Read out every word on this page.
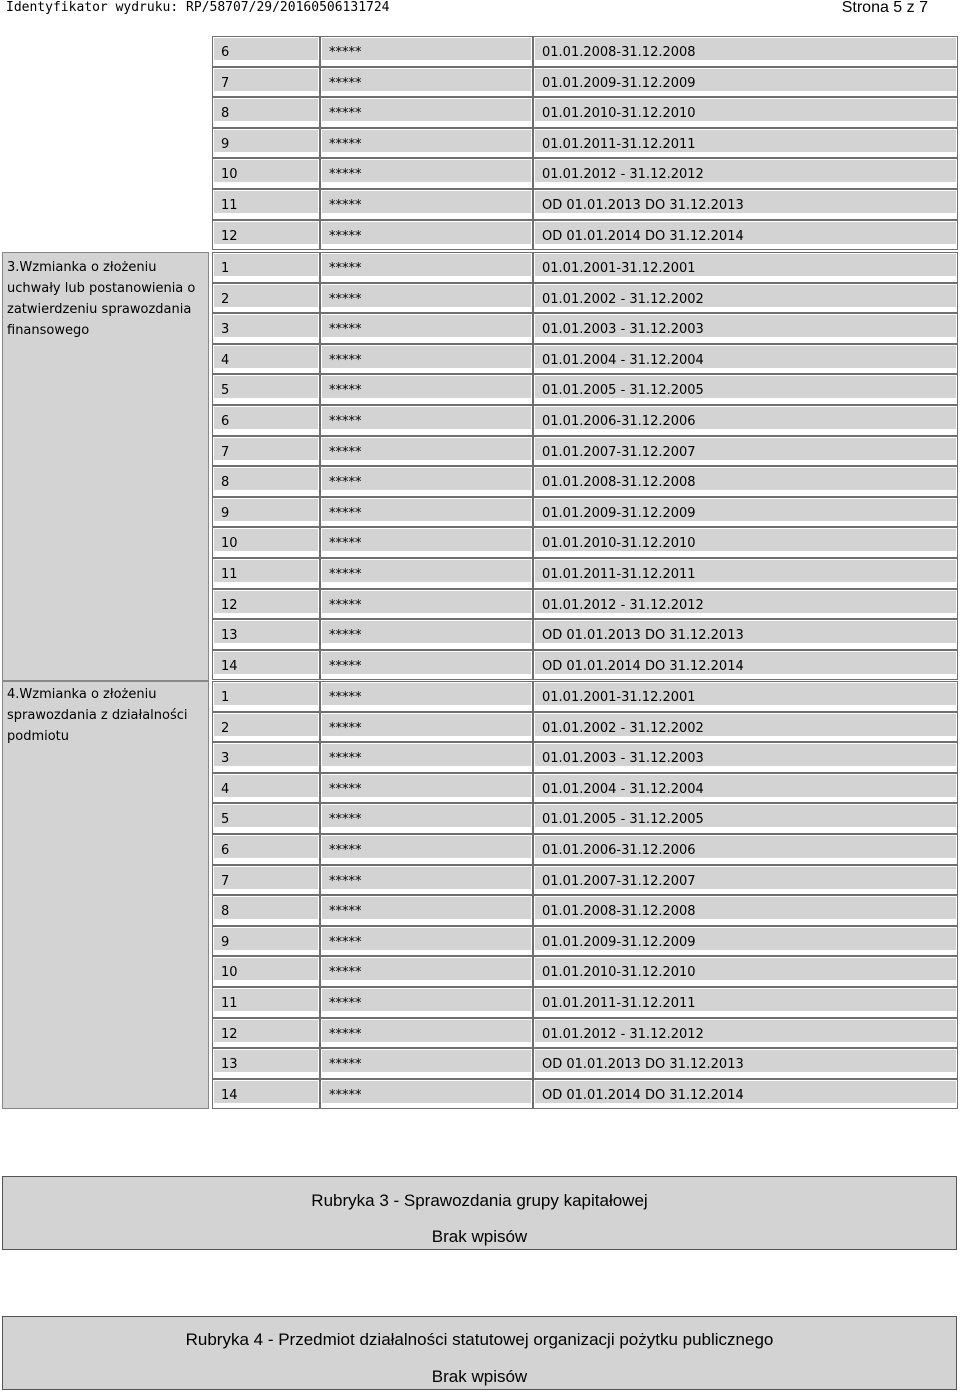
Identyfikator wydruku: RP/58707/29/20160506131724	Strona 5 z 7
6	*****	01.01.2008-31.12.2008
7	*****	01.01.2009-31.12.2009
8	*****	01.01.2010-31.12.2010
9	*****	01.01.2011-31.12.2011
10	*****	01.01.2012 - 31.12.2012
11	*****	OD 01.01.2013 DO 31.12.2013
12	*****	OD 01.01.2014 DO 31.12.2014
3.Wzmianka o złożeniu uchwały lub postanowienia o zatwierdzeniu sprawozdania finansowego
1	*****	01.01.2001-31.12.2001
2	*****	01.01.2002 - 31.12.2002
3	*****	01.01.2003 - 31.12.2003
4	*****	01.01.2004 - 31.12.2004
5	*****	01.01.2005 - 31.12.2005
6	*****	01.01.2006-31.12.2006
7	*****	01.01.2007-31.12.2007
8	*****	01.01.2008-31.12.2008
9	*****	01.01.2009-31.12.2009
10	*****	01.01.2010-31.12.2010
11	*****	01.01.2011-31.12.2011
12	*****	01.01.2012 - 31.12.2012
13	*****	OD 01.01.2013 DO 31.12.2013
14	*****	OD 01.01.2014 DO 31.12.2014
4.Wzmianka o złożeniu sprawozdania z działalności podmiotu
1	*****	01.01.2001-31.12.2001
2	*****	01.01.2002 - 31.12.2002
3	*****	01.01.2003 - 31.12.2003
4	*****	01.01.2004 - 31.12.2004
5	*****	01.01.2005 - 31.12.2005
6	*****	01.01.2006-31.12.2006
7	*****	01.01.2007-31.12.2007
8	*****	01.01.2008-31.12.2008
9	*****	01.01.2009-31.12.2009
10	*****	01.01.2010-31.12.2010
11	*****	01.01.2011-31.12.2011
12	*****	01.01.2012 - 31.12.2012
13	*****	OD 01.01.2013 DO 31.12.2013
14	*****	OD 01.01.2014 DO 31.12.2014
Rubryka 3 - Sprawozdania grupy kapitałowej
Brak wpisów
Rubryka 4 - Przedmiot działalności statutowej organizacji pożytku publicznego
Brak wpisów
